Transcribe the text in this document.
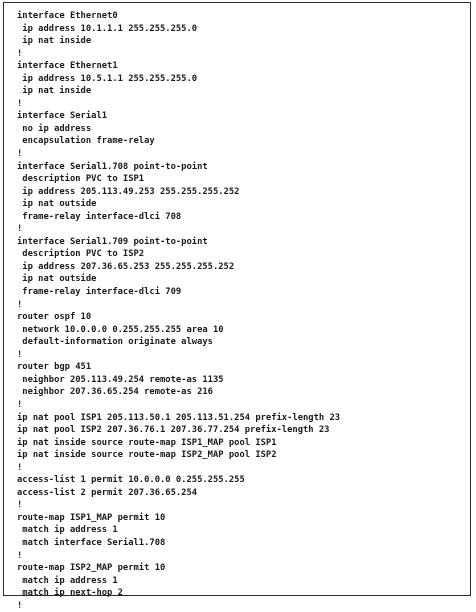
interface Ethernet0
ip address 10.1.1.1 255.255.255.0
ip nat inside
!
interface Ethernet1
ip address 10.5.1.1 255.255.255.0
ip nat inside
!
interface Serial1
no ip address
encapsulation frame-relay
!
interface Serial1.708 point-to-point
description PVC to ISP1
ip address 205.113.49.253 255.255.255.252
ip nat outside
frame-relay interface-dlci 708
!
interface Serial1.709 point-to-point
description PVC to ISP2
ip address 207.36.65.253 255.255.255.252
ip nat outside
frame-relay interface-dlci 709
!
router ospf 10
network 10.0.0.0 0.255.255.255 area 10
default-information originate always
!
router bgp 451
neighbor 205.113.49.254 remote-as 1135
neighbor 207.36.65.254 remote-as 216
!
ip nat pool ISP1 205.113.50.1 205.113.51.254 prefix-length 23
ip nat pool ISP2 207.36.76.1 207.36.77.254 prefix-length 23
ip nat inside source route-map ISP1_MAP pool ISP1
ip nat inside source route-map ISP2_MAP pool ISP2
!
access-list 1 permit 10.0.0.0 0.255.255.255
access-list 2 permit 207.36.65.254
!
route-map ISP1_MAP permit 10
match ip address 1
match interface Serial1.708
!
route-map ISP2_MAP permit 10
match ip address 1
match ip next-hop 2
!
